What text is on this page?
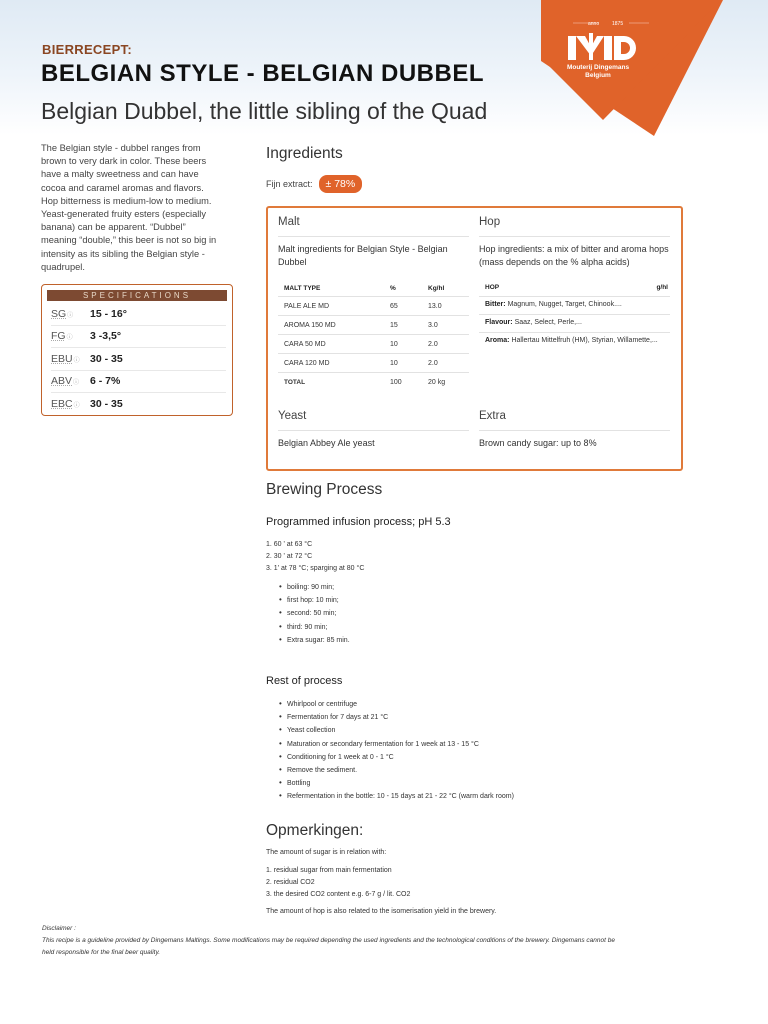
BIERRECEPT:
BELGIAN STYLE - BELGIAN DUBBEL
Belgian Dubbel, the little sibling of the Quad
anno	1875
Mouterij Dingemans
Belgium
The Belgian style - dubbel ranges from
brown to very dark in color. These beers
have a malty sweetness and can have
cocoa and caramel aromas and flavors.
Hop bitterness is medium-low to medium.
Yeast-generated fruity esters (especially
banana) can be apparent. “Dubbel”
meaning “double,” this beer is not so big in
intensity as its sibling the Belgian style -
quadrupel.
SPECIFICATIONS
SGⓘ	15 - 16°
FGⓘ	3 -3,5°
EBUⓘ 30 - 35
ABVⓘ	6 - 7%
EBCⓘ 30 - 35
Ingredients
Fijn extract:	± 78%
Malt
Malt ingredients for Belgian Style - Belgian Dubbel
MALT TYPE	%	Kg/hl
PALE ALE MD	65	13.0
AROMA 150 MD	15	3.0
CARA 50 MD	10	2.0
CARA 120 MD	10	2.0
TOTAL	100	20 kg
Hop
Hop ingredients: a mix of bitter and aroma hops (mass depends on the % alpha acids)
HOP	g/hl
Bitter: Magnum, Nugget, Target, Chinook....
Flavour: Saaz, Select, Perle,...
Aroma: Hallertau Mittelfruh (HM), Styrian, Willamette,...
Yeast
Belgian Abbey Ale yeast
Extra
Brown candy sugar: up to 8%
Brewing Process
Programmed infusion process; pH 5.3
1. 60 ' at 63 °C
2. 30 ' at 72 °C
3. 1' at 78 °C; sparging at 80 °C
• boiling: 90 min;
• first hop: 10 min;
• second: 50 min;
• third: 90 min;
• Extra sugar: 85 min.
Rest of process
• Whirlpool or centrifuge
• Fermentation for 7 days at 21 °C
• Yeast collection
• Maturation or secondary fermentation for 1 week at 13 - 15 °C
• Conditioning for 1 week at 0 - 1 °C
• Remove the sediment.
• Bottling
• Refermentation in the bottle: 10 - 15 days at 21 - 22 °C (warm dark room)
Opmerkingen:

The amount of sugar is in relation with:

1. residual sugar from main fermentation
2. residual CO2
3. the desired CO2 content e.g. 6-7 g / lit. CO2

The amount of hop is also related to the isomerisation yield in the brewery.

Disclaimer :
This recipe is a guideline provided by Dingemans Maltings. Some modifications may be required depending the used ingredients and the technological conditions of the brewery. Dingemans cannot be
held responsible for the final beer quality.
